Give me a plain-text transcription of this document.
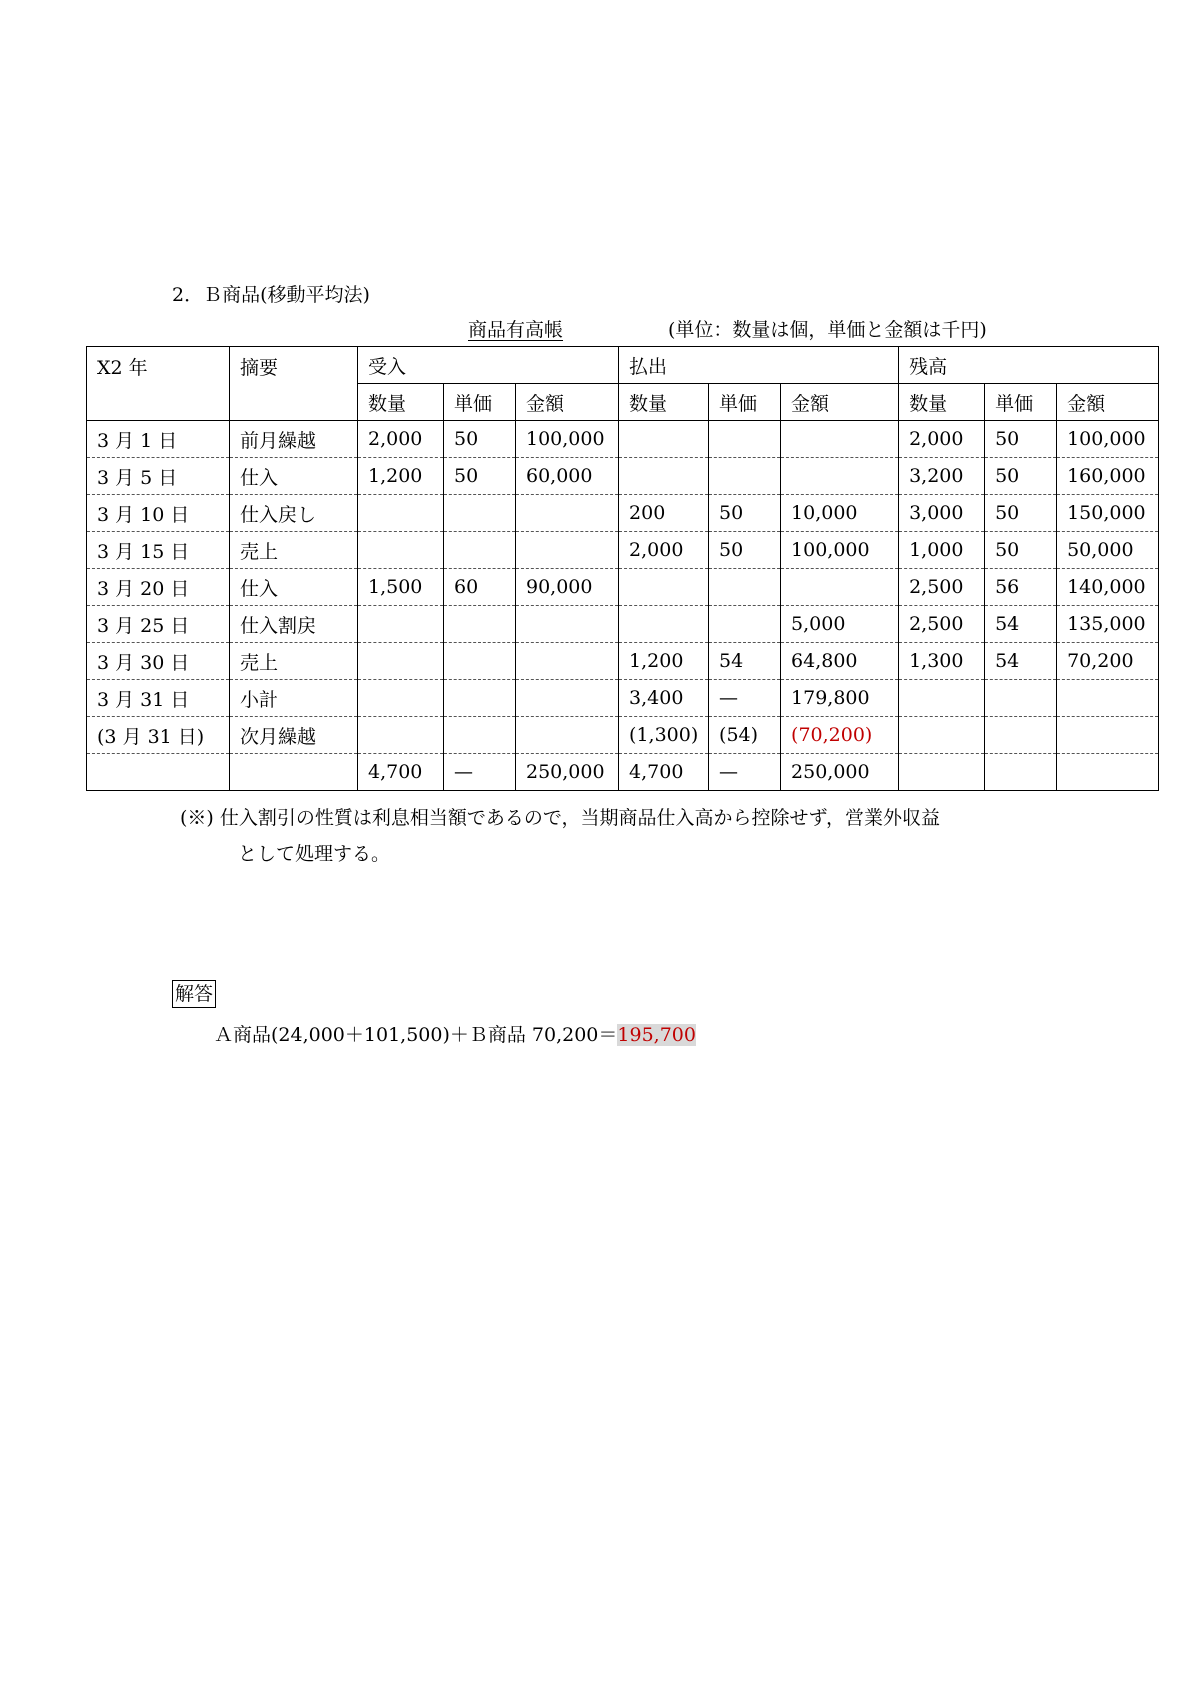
2．Ｂ商品(移動平均法)
商品有高帳	(単位：数量は個，単価と金額は千円)
X2 年	摘要	受入			払出			残高		
		数量	単価	金額	数量	単価	金額	数量	単価	金額
3 月 1 日	前月繰越	2,000	50	100,000				2,000	50	100,000
3 月 5 日	仕入	1,200	50	60,000				3,200	50	160,000
3 月 10 日	仕入戻し				200	50	10,000	3,000	50	150,000
3 月 15 日	売上				2,000	50	100,000	1,000	50	50,000
3 月 20 日	仕入	1,500	60	90,000				2,500	56	140,000
3 月 25 日	仕入割戻						5,000	2,500	54	135,000
3 月 30 日	売上				1,200	54	64,800	1,300	54	70,200
3 月 31 日	小計				3,400	—	179,800			
(3 月 31 日)	次月繰越				(1,300)	(54)	(70,200)			
		4,700	—	250,000	4,700	—	250,000			
(※) 仕入割引の性質は利息相当額であるので，当期商品仕入高から控除せず，営業外収益
として処理する。
解答
Ａ商品(24,000＋101,500)＋Ｂ商品 70,200＝195,700
